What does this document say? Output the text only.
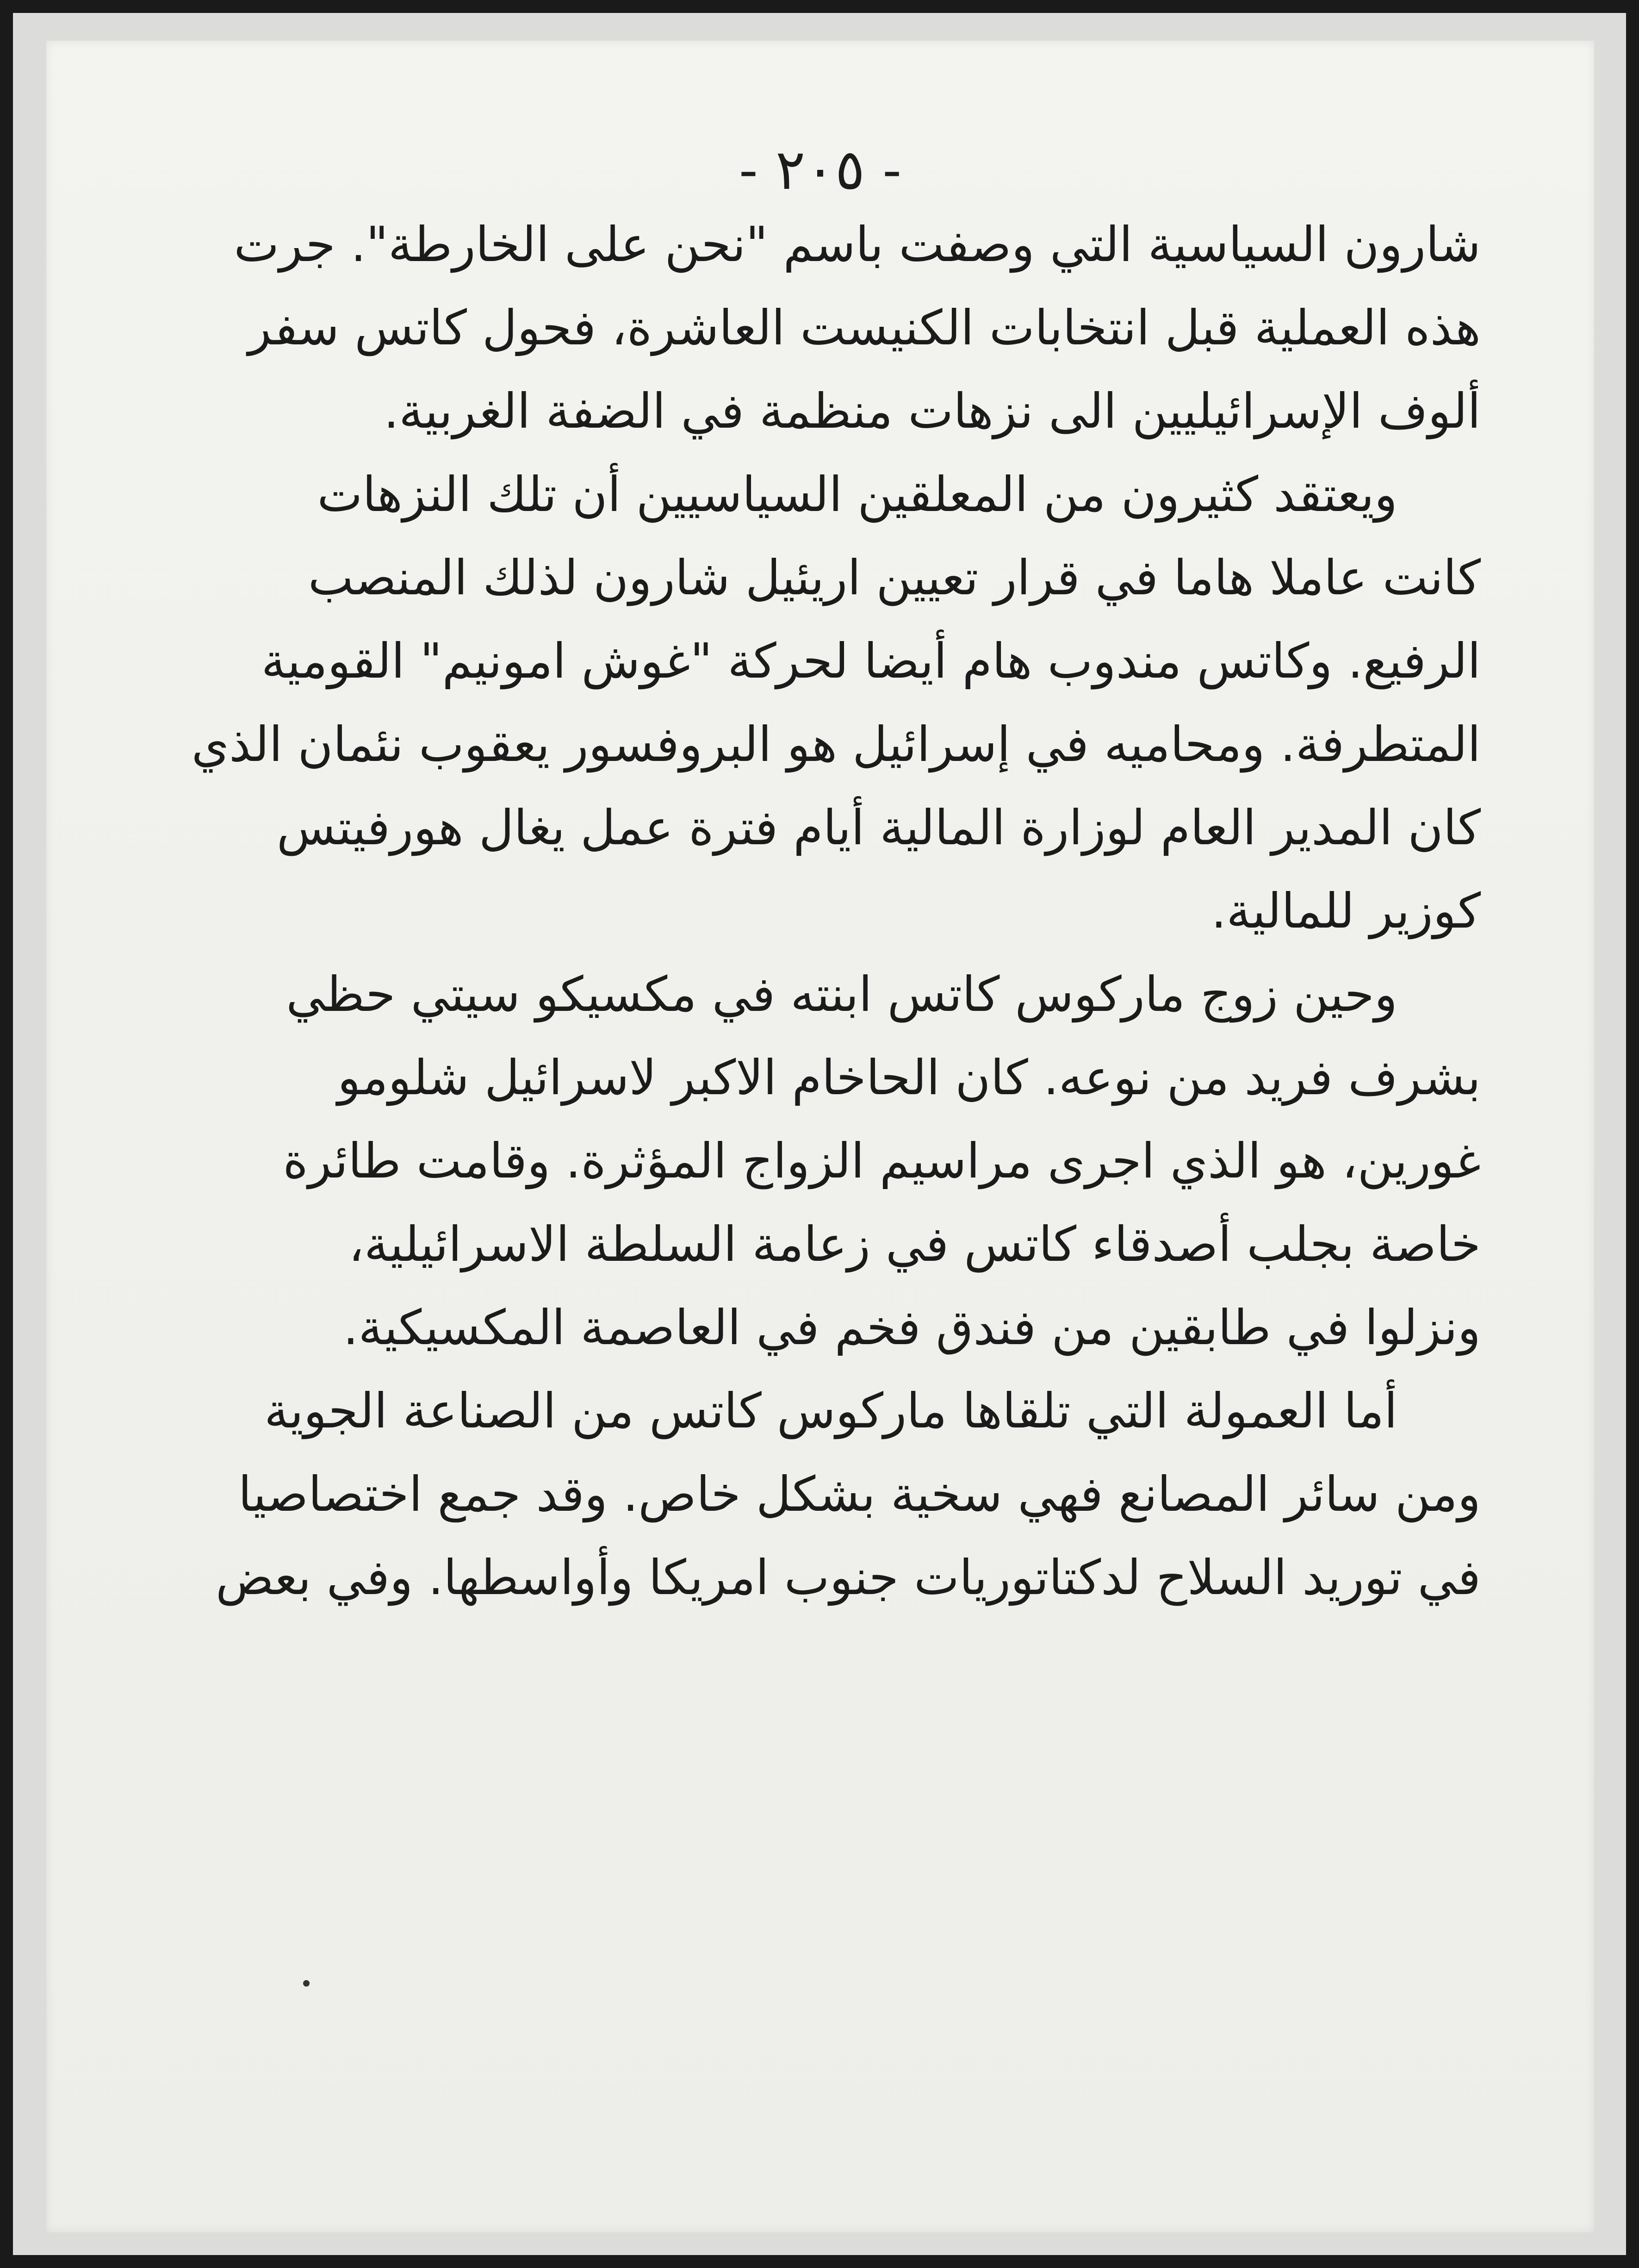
- ٢٠٥ -
شارون السياسية التي وصفت باسم "نحن على الخارطة". جرت
هذه العملية قبل انتخابات الكنيست العاشرة، فحول كاتس سفر
ألوف الإسرائيليين الى نزهات منظمة في الضفة الغربية.
ويعتقد كثيرون من المعلقين السياسيين أن تلك النزهات
كانت عاملا هاما في قرار تعيين اريئيل شارون لذلك المنصب
الرفيع. وكاتس مندوب هام أيضا لحركة "غوش امونيم" القومية
المتطرفة. ومحاميه في إسرائيل هو البروفسور يعقوب نئمان الذي
كان المدير العام لوزارة المالية أيام فترة عمل يغال هورفيتس
كوزير للمالية.
وحين زوج ماركوس كاتس ابنته في مكسيكو سيتي حظي
بشرف فريد من نوعه. كان الحاخام الاكبر لاسرائيل شلومو
غورين، هو الذي اجرى مراسيم الزواج المؤثرة. وقامت طائرة
خاصة بجلب أصدقاء كاتس في زعامة السلطة الاسرائيلية،
ونزلوا في طابقين من فندق فخم في العاصمة المكسيكية.
أما العمولة التي تلقاها ماركوس كاتس من الصناعة الجوية
ومن سائر المصانع فهي سخية بشكل خاص. وقد جمع اختصاصيا
في توريد السلاح لدكتاتوريات جنوب امريكا وأواسطها. وفي بعض
